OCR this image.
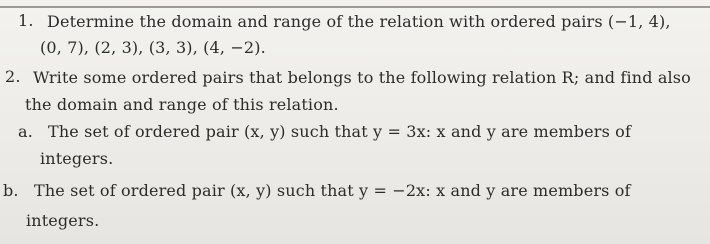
1. Determine the domain and range of the relation with ordered pairs (−1, 4),
(0, 7), (2, 3), (3, 3), (4, −2).
2. Write some ordered pairs that belongs to the following relation R; and find also
the domain and range of this relation.
a. The set of ordered pair (x, y) such that y = 3x: x and y are members of
integers.
b. The set of ordered pair (x, y) such that y = −2x: x and y are members of
integers.
